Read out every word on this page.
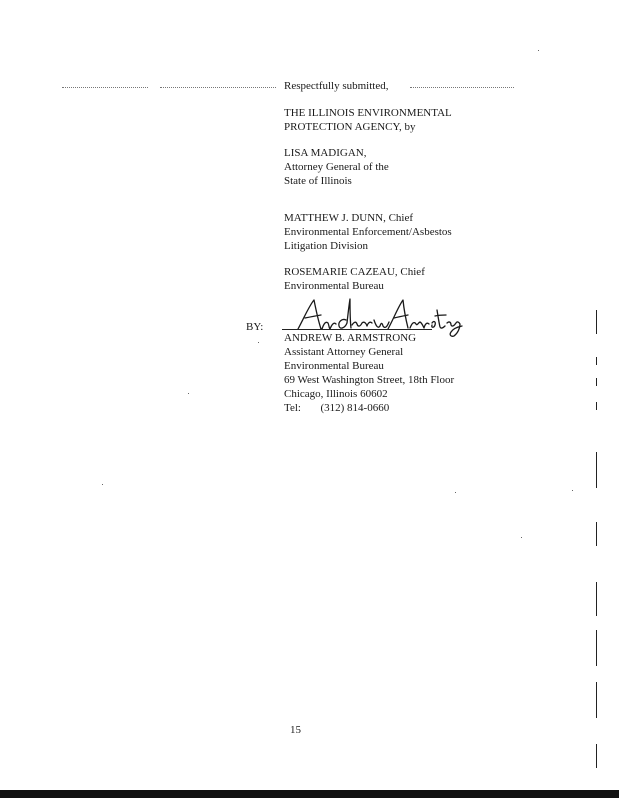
Respectfully submitted,
THE ILLINOIS ENVIRONMENTAL
PROTECTION AGENCY, by
LISA MADIGAN,
Attorney General of the
State of Illinois
MATTHEW J. DUNN, Chief
Environmental Enforcement/Asbestos
Litigation Division
ROSEMARIE CAZEAU, Chief
Environmental Bureau
BY:
ANDREW B. ARMSTRONG
Assistant Attorney General
Environmental Bureau
69 West Washington Street, 18th Floor
Chicago, Illinois 60602
Tel: (312) 814-0660
15
